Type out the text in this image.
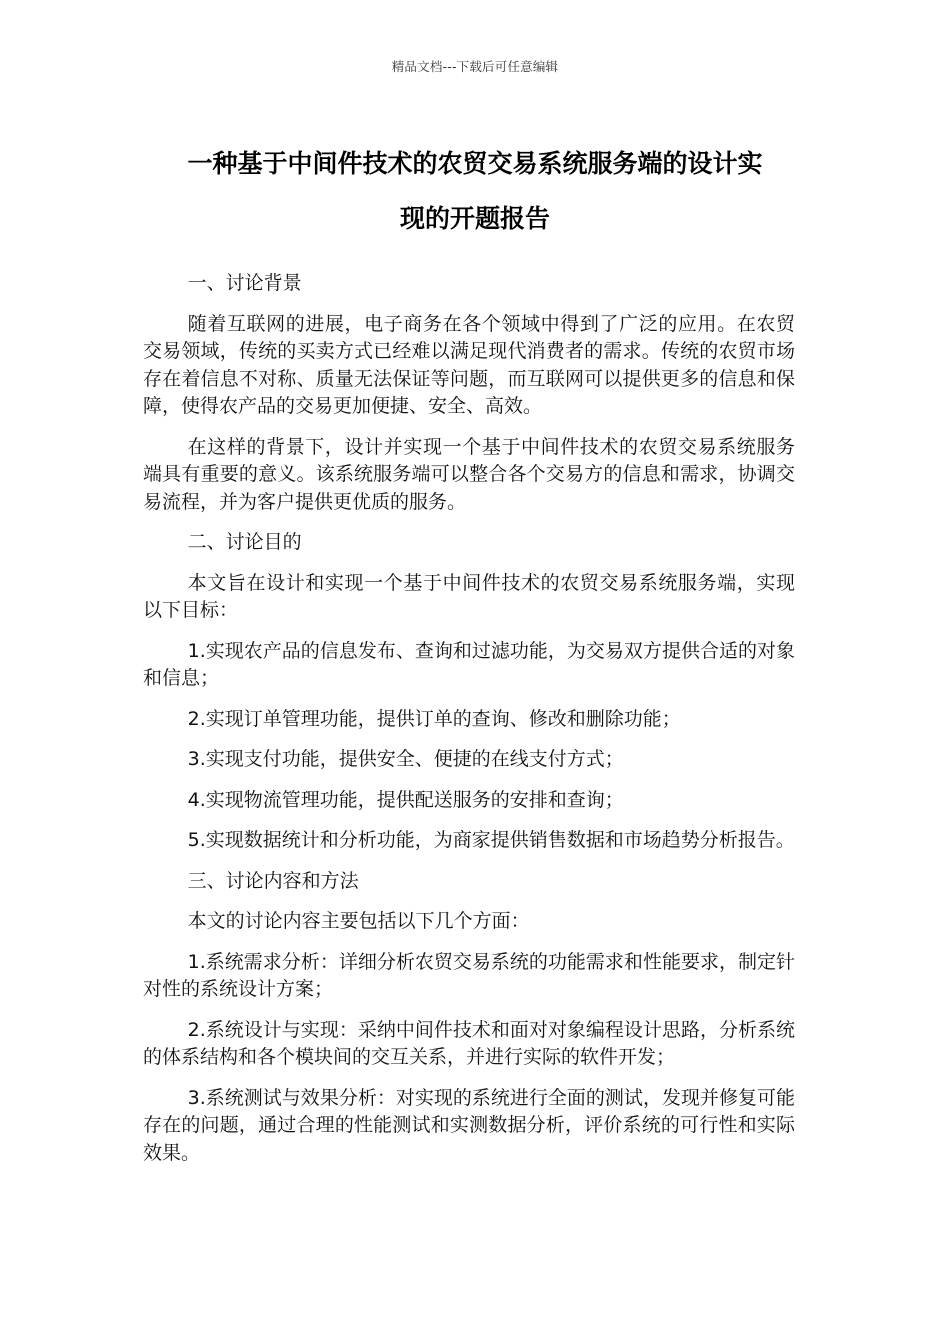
精品文档---下载后可任意编辑
一种基于中间件技术的农贸交易系统服务端的设计实
现的开题报告

一、讨论背景

随着互联网的进展，电子商务在各个领域中得到了广泛的应用。在农贸交易领域，传统的买卖方式已经难以满足现代消费者的需求。传统的农贸市场存在着信息不对称、质量无法保证等问题，而互联网可以提供更多的信息和保障，使得农产品的交易更加便捷、安全、高效。

在这样的背景下，设计并实现一个基于中间件技术的农贸交易系统服务端具有重要的意义。该系统服务端可以整合各个交易方的信息和需求，协调交易流程，并为客户提供更优质的服务。

二、讨论目的

本文旨在设计和实现一个基于中间件技术的农贸交易系统服务端，实现以下目标：

1.实现农产品的信息发布、查询和过滤功能，为交易双方提供合适的对象和信息；

2.实现订单管理功能，提供订单的查询、修改和删除功能；

3.实现支付功能，提供安全、便捷的在线支付方式；

4.实现物流管理功能，提供配送服务的安排和查询；

5.实现数据统计和分析功能，为商家提供销售数据和市场趋势分析报告。

三、讨论内容和方法

本文的讨论内容主要包括以下几个方面：

1.系统需求分析：详细分析农贸交易系统的功能需求和性能要求，制定针对性的系统设计方案；

2.系统设计与实现：采纳中间件技术和面对对象编程设计思路，分析系统的体系结构和各个模块间的交互关系，并进行实际的软件开发；

3.系统测试与效果分析：对实现的系统进行全面的测试，发现并修复可能存在的问题，通过合理的性能测试和实测数据分析，评价系统的可行性和实际效果。
